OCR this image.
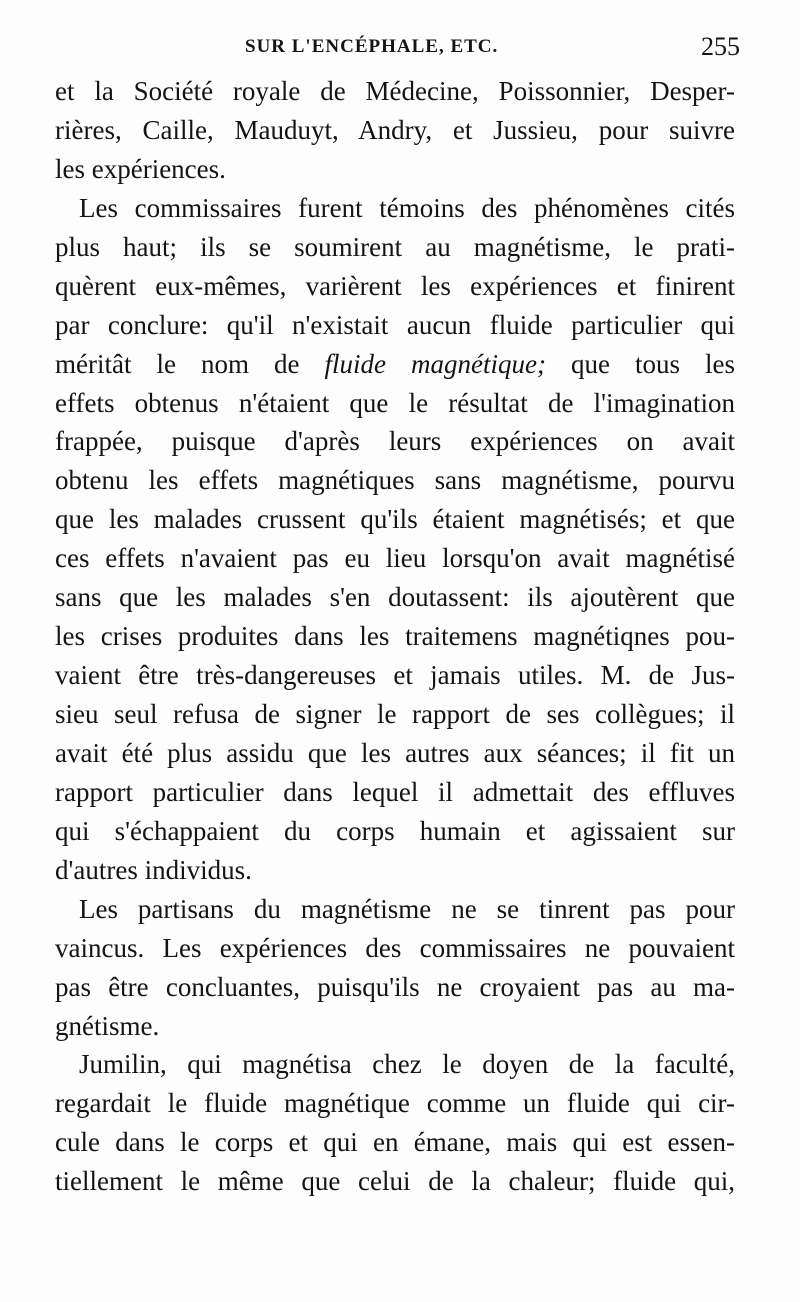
SUR L'ENCÉPHALE, ETC.	255
et la Société royale de Médecine, Poissonnier, Desper-
rières, Caille, Mauduyt, Andry, et Jussieu, pour suivre
les expériences.
Les commissaires furent témoins des phénomènes cités
plus haut; ils se soumirent au magnétisme, le prati-
quèrent eux-mêmes, varièrent les expériences et finirent
par conclure: qu'il n'existait aucun fluide particulier qui
méritât le nom de fluide magnétique; que tous les
effets obtenus n'étaient que le résultat de l'imagination
frappée, puisque d'après leurs expériences on avait
obtenu les effets magnétiques sans magnétisme, pourvu
que les malades crussent qu'ils étaient magnétisés; et que
ces effets n'avaient pas eu lieu lorsqu'on avait magnétisé
sans que les malades s'en doutassent: ils ajoutèrent que
les crises produites dans les traitemens magnétiqnes pou-
vaient être très-dangereuses et jamais utiles. M. de Jus-
sieu seul refusa de signer le rapport de ses collègues; il
avait été plus assidu que les autres aux séances; il fit un
rapport particulier dans lequel il admettait des effluves
qui s'échappaient du corps humain et agissaient sur
d'autres individus.
Les partisans du magnétisme ne se tinrent pas pour
vaincus. Les expériences des commissaires ne pouvaient
pas être concluantes, puisqu'ils ne croyaient pas au ma-
gnétisme.
Jumilin, qui magnétisa chez le doyen de la faculté,
regardait le fluide magnétique comme un fluide qui cir-
cule dans le corps et qui en émane, mais qui est essen-
tiellement le même que celui de la chaleur; fluide qui,
